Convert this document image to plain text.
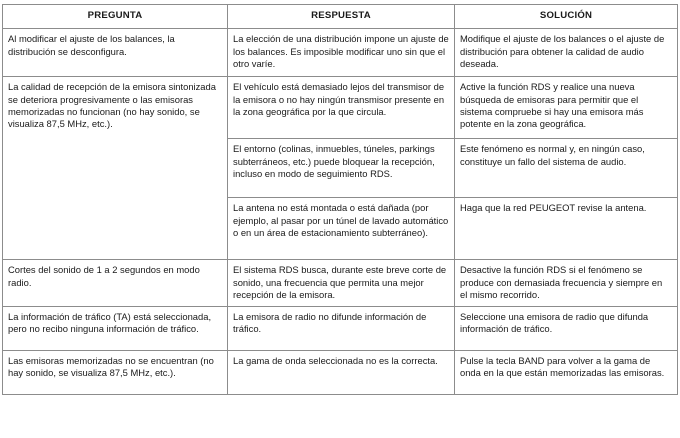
PREGUNTA	RESPUESTA	SOLUCIÓN
Al modificar el ajuste de los balances, la distribución se desconfigura.	La elección de una distribución impone un ajuste de los balances. Es imposible modificar uno sin que el otro varíe.	Modifique el ajuste de los balances o el ajuste de distribución para obtener la calidad de audio deseada.
La calidad de recepción de la emisora sintonizada se deteriora progresivamente o las emisoras memorizadas no funcionan (no hay sonido, se visualiza 87,5 MHz, etc.).	El vehículo está demasiado lejos del transmisor de la emisora o no hay ningún transmisor presente en la zona geográfica por la que circula.	Active la función RDS y realice una nueva búsqueda de emisoras para permitir que el sistema compruebe si hay una emisora más potente en la zona geográfica.
	El entorno (colinas, inmuebles, túneles, parkings subterráneos, etc.) puede bloquear la recepción, incluso en modo de seguimiento RDS.	Este fenómeno es normal y, en ningún caso, constituye un fallo del sistema de audio.
	La antena no está montada o está dañada (por ejemplo, al pasar por un túnel de lavado automático o en un área de estacionamiento subterráneo).	Haga que la red PEUGEOT revise la antena.
Cortes del sonido de 1 a 2 segundos en modo radio.	El sistema RDS busca, durante este breve corte de sonido, una frecuencia que permita una mejor recepción de la emisora.	Desactive la función RDS si el fenómeno se produce con demasiada frecuencia y siempre en el mismo recorrido.
La información de tráfico (TA) está seleccionada, pero no recibo ninguna información de tráfico.	La emisora de radio no difunde información de tráfico.	Seleccione una emisora de radio que difunda información de tráfico.
Las emisoras memorizadas no se encuentran (no hay sonido, se visualiza 87,5 MHz, etc.).	La gama de onda seleccionada no es la correcta.	Pulse la tecla BAND para volver a la gama de onda en la que están memorizadas las emisoras.
